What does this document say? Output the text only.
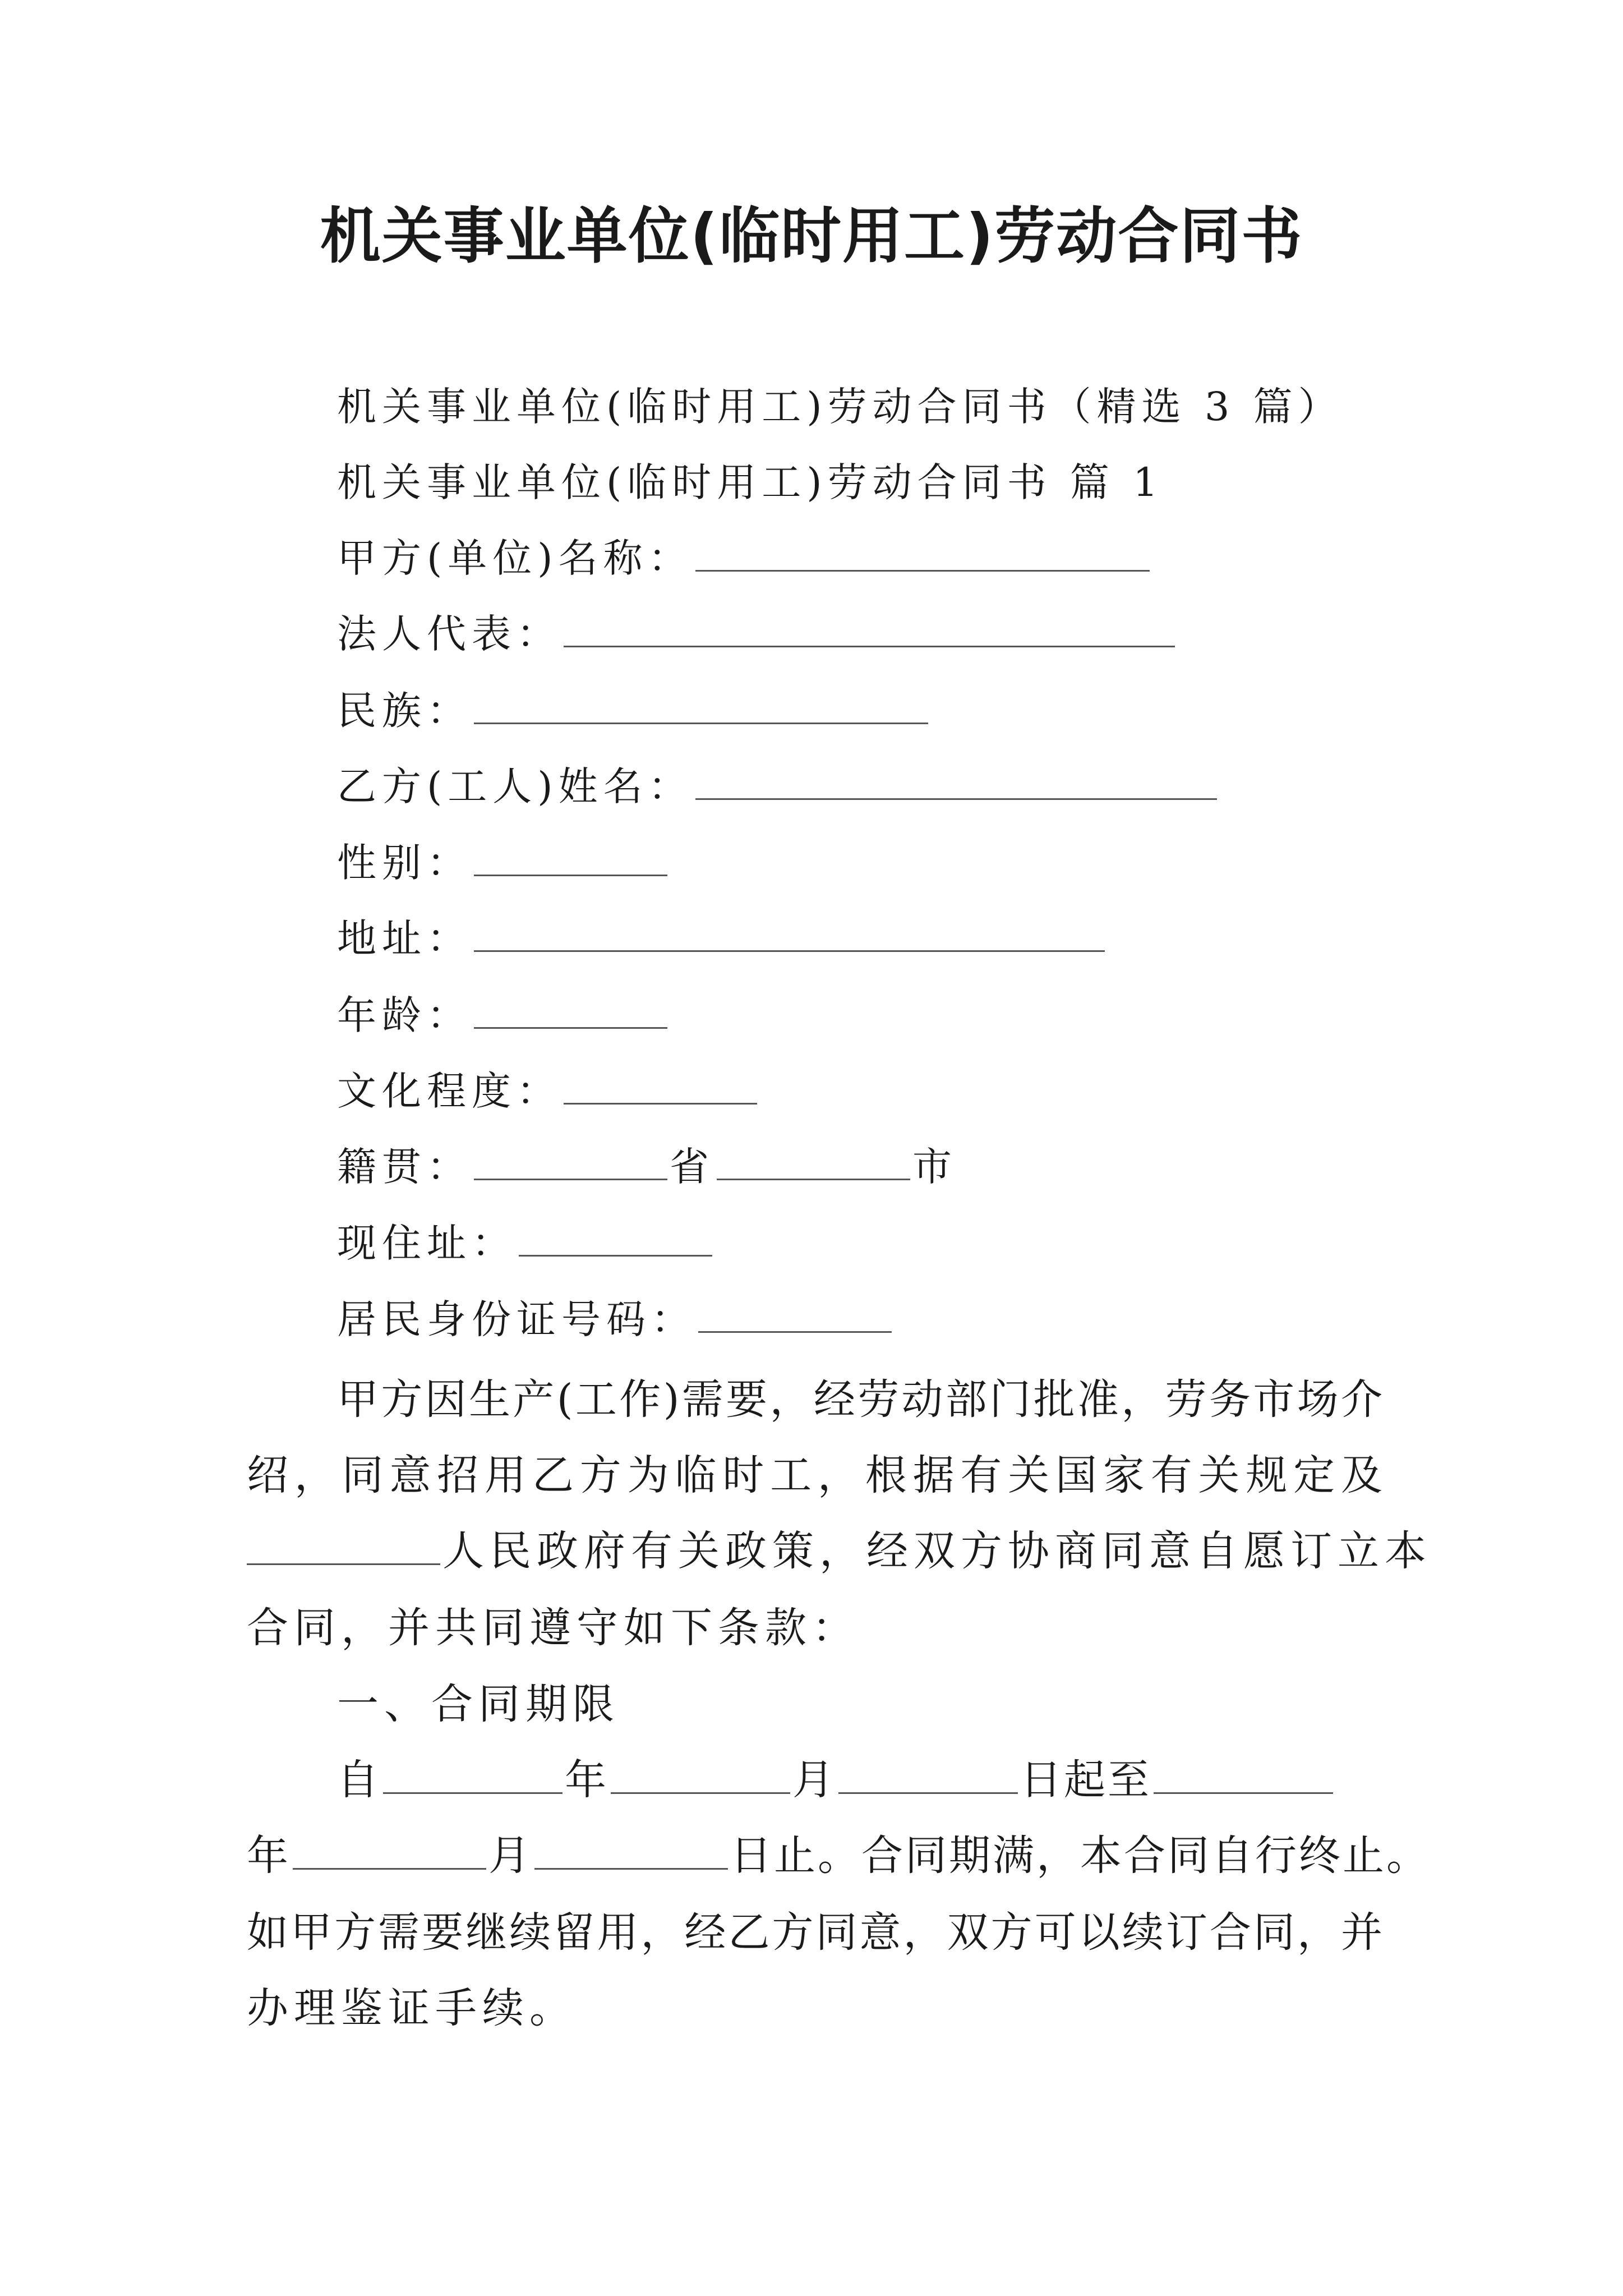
机关事业单位(临时用工)劳动合同书
机关事业单位(临时用工)劳动合同书（精选 3 篇）
机关事业单位(临时用工)劳动合同书 篇 1
甲方(单位)名称：
法人代表：
民族：
乙方(工人)姓名：
性别：
地址：
年龄：
文化程度：
籍贯：	省	市
现住址：
居民身份证号码：
甲方因生产(工作)需要，经劳动部门批准，劳务市场介
绍，同意招用乙方为临时工，根据有关国家有关规定及
人民政府有关政策，经双方协商同意自愿订立本
合同，并共同遵守如下条款：
一、合同期限
自	年	月	日起至
年	月	日止。合同期满，本合同自行终止。
如甲方需要继续留用，经乙方同意，双方可以续订合同，并
办理鉴证手续。
